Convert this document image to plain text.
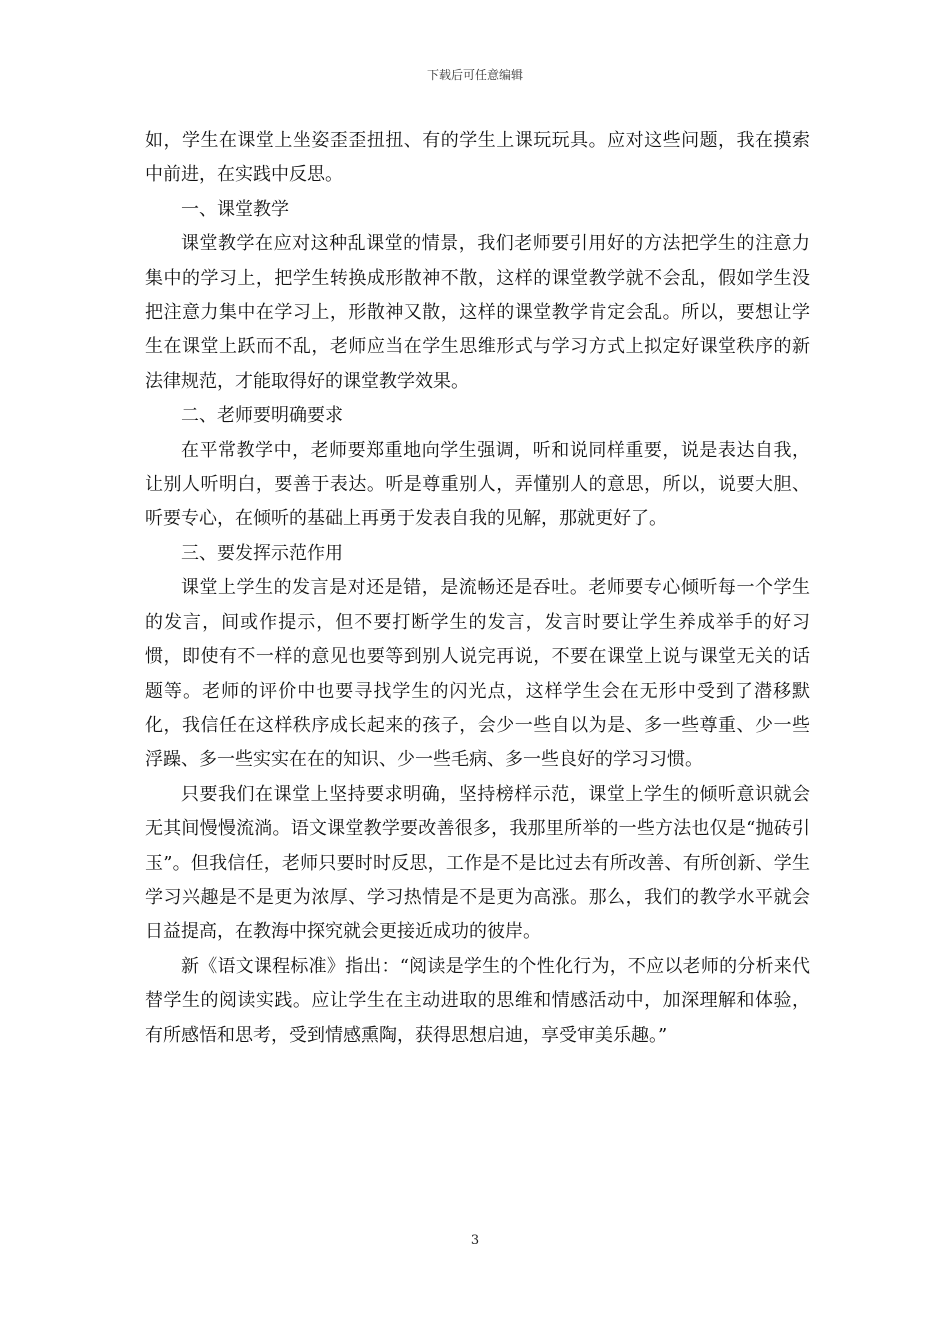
下载后可任意编辑

如，学生在课堂上坐姿歪歪扭扭、有的学生上课玩玩具。应对这些问题，我在摸索中前进，在实践中反思。

一、课堂教学

课堂教学在应对这种乱课堂的情景，我们老师要引用好的方法把学生的注意力集中的学习上，把学生转换成形散神不散，这样的课堂教学就不会乱，假如学生没把注意力集中在学习上，形散神又散，这样的课堂教学肯定会乱。所以，要想让学生在课堂上跃而不乱，老师应当在学生思维形式与学习方式上拟定好课堂秩序的新法律规范，才能取得好的课堂教学效果。

二、老师要明确要求

在平常教学中，老师要郑重地向学生强调，听和说同样重要，说是表达自我，让别人听明白，要善于表达。听是尊重别人，弄懂别人的意思，所以，说要大胆、听要专心，在倾听的基础上再勇于发表自我的见解，那就更好了。

三、要发挥示范作用

课堂上学生的发言是对还是错，是流畅还是吞吐。老师要专心倾听每一个学生的发言，间或作提示，但不要打断学生的发言，发言时要让学生养成举手的好习惯，即使有不一样的意见也要等到别人说完再说，不要在课堂上说与课堂无关的话题等。老师的评价中也要寻找学生的闪光点，这样学生会在无形中受到了潜移默化，我信任在这样秩序成长起来的孩子，会少一些自以为是、多一些尊重、少一些浮躁、多一些实实在在的知识、少一些毛病、多一些良好的学习习惯。

只要我们在课堂上坚持要求明确，坚持榜样示范，课堂上学生的倾听意识就会无其间慢慢流淌。语文课堂教学要改善很多，我那里所举的一些方法也仅是“抛砖引玉”。但我信任，老师只要时时反思，工作是不是比过去有所改善、有所创新、学生学习兴趣是不是更为浓厚、学习热情是不是更为高涨。那么，我们的教学水平就会日益提高，在教海中探究就会更接近成功的彼岸。

新《语文课程标准》指出：“阅读是学生的个性化行为，不应以老师的分析来代替学生的阅读实践。应让学生在主动进取的思维和情感活动中，加深理解和体验，有所感悟和思考，受到情感熏陶，获得思想启迪，享受审美乐趣。”

3
